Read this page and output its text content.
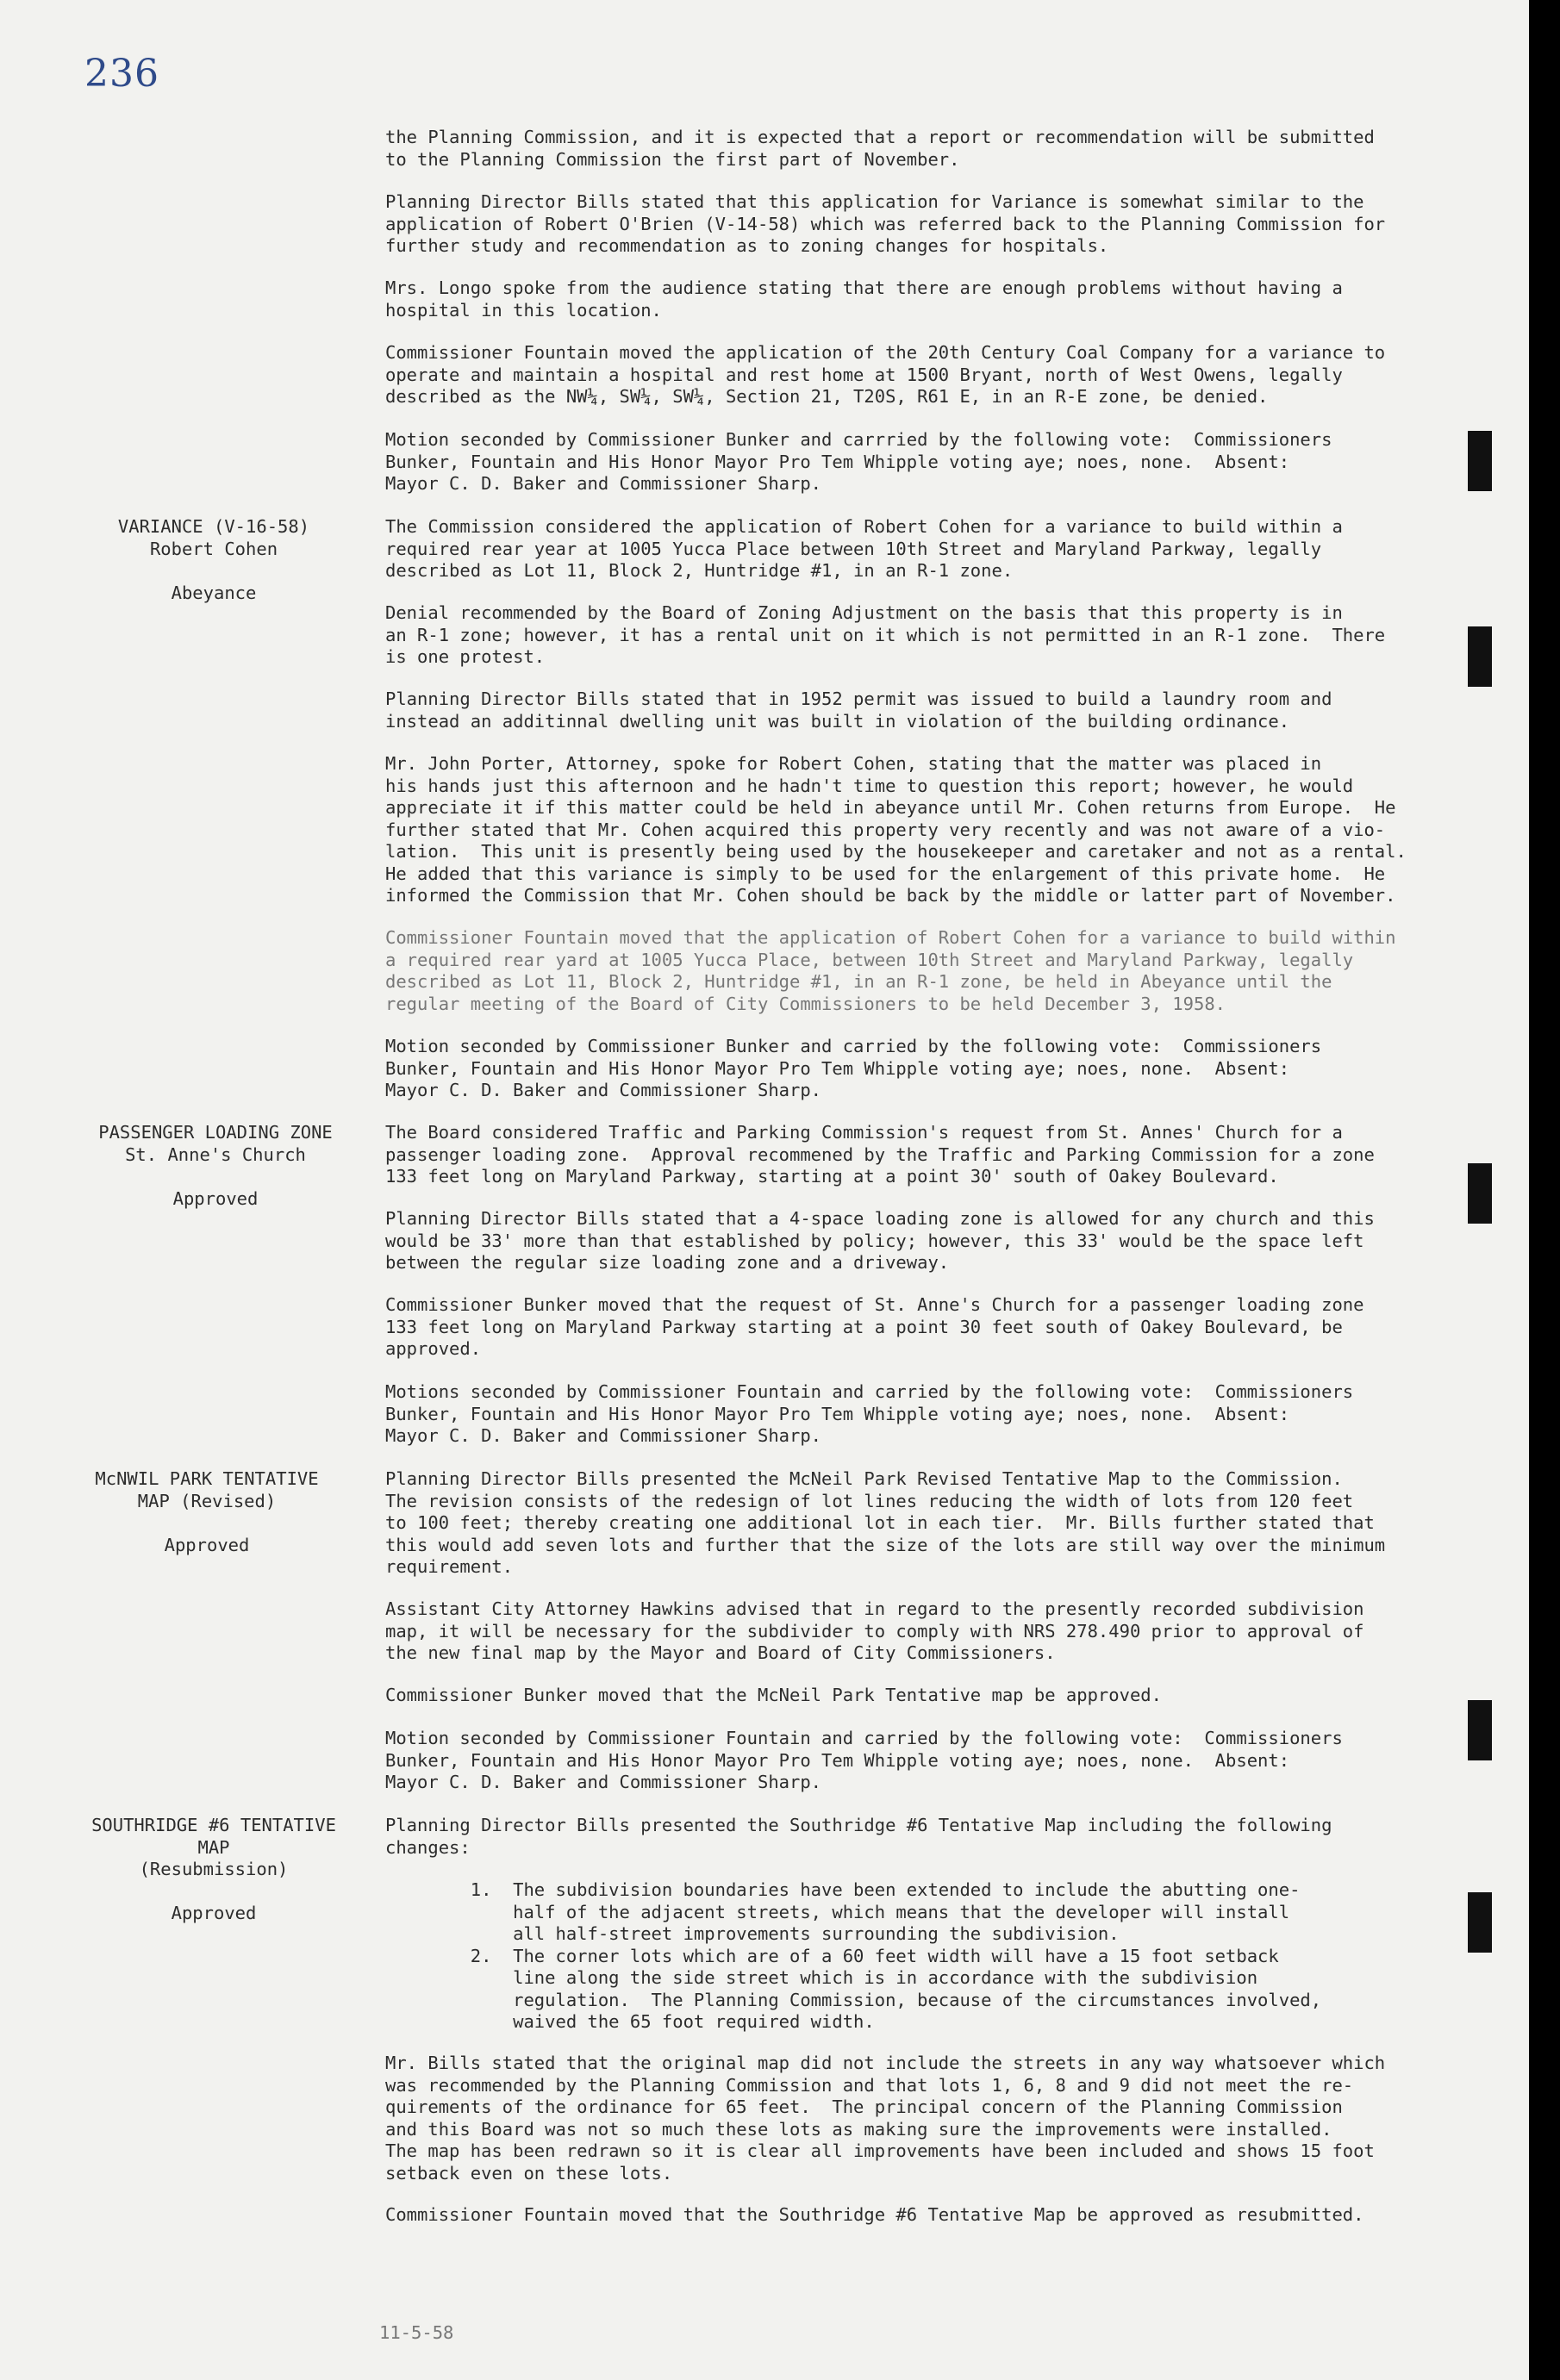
236
the Planning Commission, and it is expected that a report or recommendation will be submitted
to the Planning Commission the first part of November.
Planning Director Bills stated that this application for Variance is somewhat similar to the
application of Robert O'Brien (V-14-58) which was referred back to the Planning Commission for
further study and recommendation as to zoning changes for hospitals.
Mrs. Longo spoke from the audience stating that there are enough problems without having a
hospital in this location.
Commissioner Fountain moved the application of the 20th Century Coal Company for a variance to
operate and maintain a hospital and rest home at 1500 Bryant, north of West Owens, legally
described as the NW¼, SW¼, SW¼, Section 21, T20S, R61 E, in an R-E zone, be denied.
Motion seconded by Commissioner Bunker and carrried by the following vote:  Commissioners
Bunker, Fountain and His Honor Mayor Pro Tem Whipple voting aye; noes, none.  Absent:
Mayor C. D. Baker and Commissioner Sharp.
The Commission considered the application of Robert Cohen for a variance to build within a
required rear year at 1005 Yucca Place between 10th Street and Maryland Parkway, legally
described as Lot 11, Block 2, Huntridge #1, in an R-1 zone.
Denial recommended by the Board of Zoning Adjustment on the basis that this property is in
an R-1 zone; however, it has a rental unit on it which is not permitted in an R-1 zone.  There
is one protest.
Planning Director Bills stated that in 1952 permit was issued to build a laundry room and
instead an additinnal dwelling unit was built in violation of the building ordinance.
Mr. John Porter, Attorney, spoke for Robert Cohen, stating that the matter was placed in
his hands just this afternoon and he hadn't time to question this report; however, he would
appreciate it if this matter could be held in abeyance until Mr. Cohen returns from Europe.  He
further stated that Mr. Cohen acquired this property very recently and was not aware of a vio-
lation.  This unit is presently being used by the housekeeper and caretaker and not as a rental.
He added that this variance is simply to be used for the enlargement of this private home.  He
informed the Commission that Mr. Cohen should be back by the middle or latter part of November.
Commissioner Fountain moved that the application of Robert Cohen for a variance to build within
a required rear yard at 1005 Yucca Place, between 10th Street and Maryland Parkway, legally
described as Lot 11, Block 2, Huntridge #1, in an R-1 zone, be held in Abeyance until the
regular meeting of the Board of City Commissioners to be held December 3, 1958.
Motion seconded by Commissioner Bunker and carried by the following vote:  Commissioners
Bunker, Fountain and His Honor Mayor Pro Tem Whipple voting aye; noes, none.  Absent:
Mayor C. D. Baker and Commissioner Sharp.
The Board considered Traffic and Parking Commission's request from St. Annes' Church for a
passenger loading zone.  Approval recommened by the Traffic and Parking Commission for a zone
133 feet long on Maryland Parkway, starting at a point 30' south of Oakey Boulevard.
Planning Director Bills stated that a 4-space loading zone is allowed for any church and this
would be 33' more than that established by policy; however, this 33' would be the space left
between the regular size loading zone and a driveway.
Commissioner Bunker moved that the request of St. Anne's Church for a passenger loading zone
133 feet long on Maryland Parkway starting at a point 30 feet south of Oakey Boulevard, be
approved.
Motions seconded by Commissioner Fountain and carried by the following vote:  Commissioners
Bunker, Fountain and His Honor Mayor Pro Tem Whipple voting aye; noes, none.  Absent:
Mayor C. D. Baker and Commissioner Sharp.
Planning Director Bills presented the McNeil Park Revised Tentative Map to the Commission.
The revision consists of the redesign of lot lines reducing the width of lots from 120 feet
to 100 feet; thereby creating one additional lot in each tier.  Mr. Bills further stated that
this would add seven lots and further that the size of the lots are still way over the minimum
requirement.
Assistant City Attorney Hawkins advised that in regard to the presently recorded subdivision
map, it will be necessary for the subdivider to comply with NRS 278.490 prior to approval of
the new final map by the Mayor and Board of City Commissioners.
Commissioner Bunker moved that the McNeil Park Tentative map be approved.
Motion seconded by Commissioner Fountain and carried by the following vote:  Commissioners
Bunker, Fountain and His Honor Mayor Pro Tem Whipple voting aye; noes, none.  Absent:
Mayor C. D. Baker and Commissioner Sharp.
Planning Director Bills presented the Southridge #6 Tentative Map including the following
changes:
1.  The subdivision boundaries have been extended to include the abutting one-
half of the adjacent streets, which means that the developer will install
all half-street improvements surrounding the subdivision.
2.  The corner lots which are of a 60 feet width will have a 15 foot setback
line along the side street which is in accordance with the subdivision
regulation.  The Planning Commission, because of the circumstances involved,
waived the 65 foot required width.
Mr. Bills stated that the original map did not include the streets in any way whatsoever which
was recommended by the Planning Commission and that lots 1, 6, 8 and 9 did not meet the re-
quirements of the ordinance for 65 feet.  The principal concern of the Planning Commission
and this Board was not so much these lots as making sure the improvements were installed.
The map has been redrawn so it is clear all improvements have been included and shows 15 foot
setback even on these lots.
Commissioner Fountain moved that the Southridge #6 Tentative Map be approved as resubmitted.
VARIANCE (V-16-58)
Robert Cohen

Abeyance
PASSENGER LOADING ZONE
St. Anne's Church

Approved
McNWIL PARK TENTATIVE
MAP (Revised)

Approved
SOUTHRIDGE #6 TENTATIVE
MAP
(Resubmission)

Approved
11-5-58
